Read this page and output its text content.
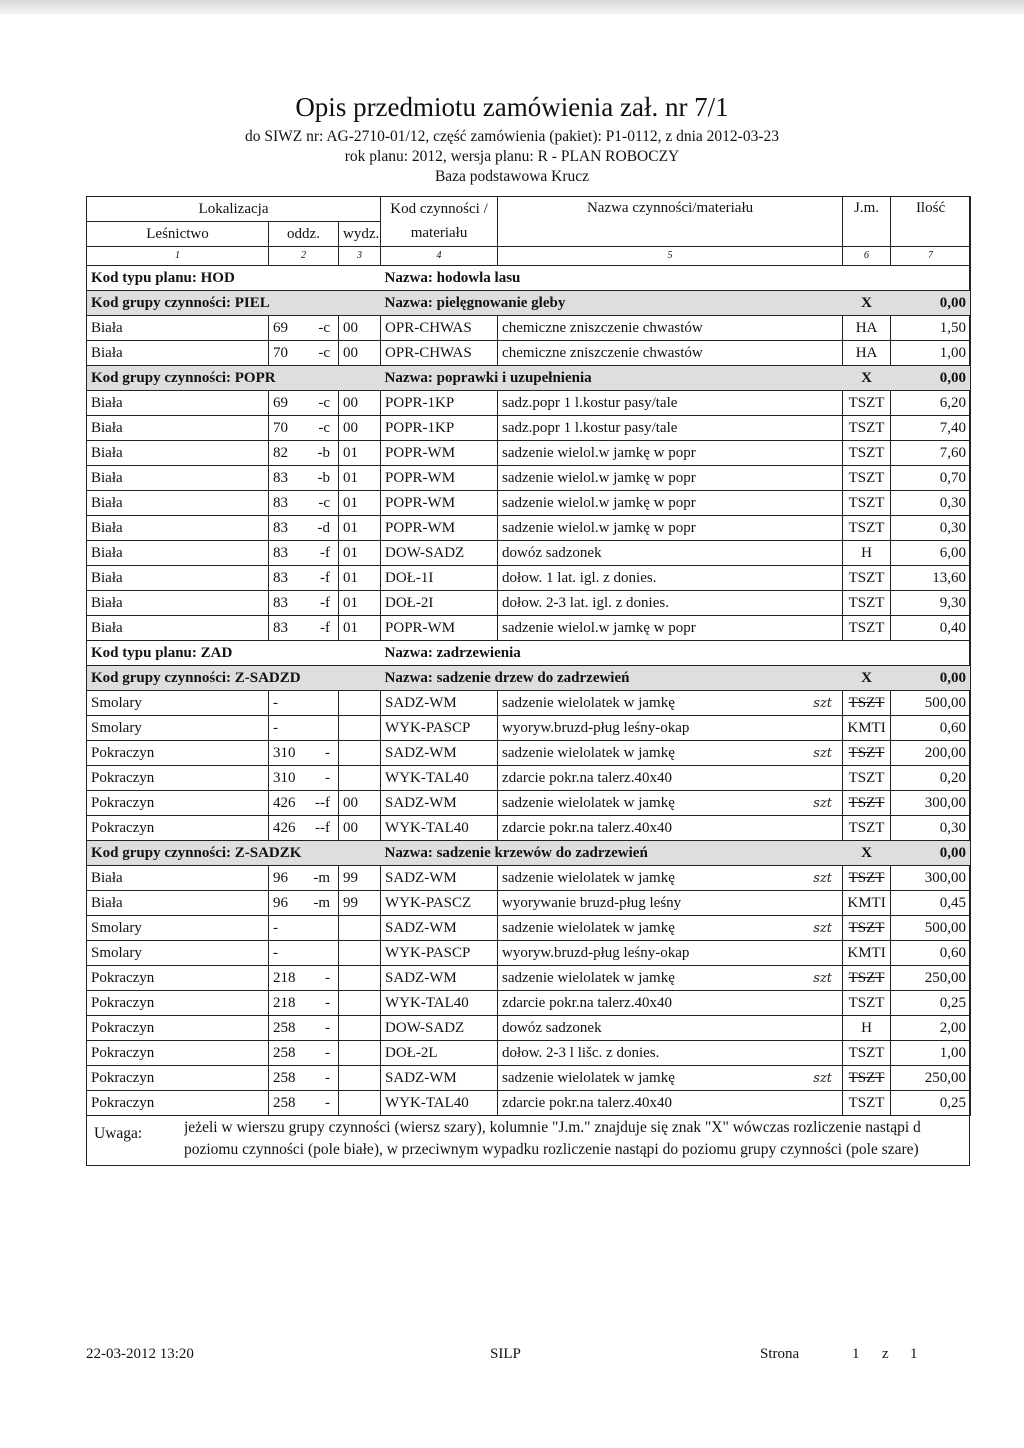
Opis przedmiotu zamówienia zał. nr 7/1
do SIWZ nr: AG-2710-01/12, część zamówienia (pakiet): P1-0112, z dnia 2012-03-23
rok planu: 2012, wersja planu: R - PLAN ROBOCZY
Baza podstawowa Krucz
Lokalizacja			Kod czynności /	Nazwa czynności/materiału	J.m.	Ilość
Leśnictwo	oddz.	wydz.	materiału			
1	2	3	4	5	6	7
Kod typu planu: HOD			Nazwa: hodowla lasu			
Kod grupy czynności: PIEL			Nazwa: pielęgnowanie gleby		X	0,00
Biała	69 -c	00	OPR-CHWAS	chemiczne zniszczenie chwastów	HA	1,50
Biała	70 -c	00	OPR-CHWAS	chemiczne zniszczenie chwastów	HA	1,00
Kod grupy czynności: POPR			Nazwa: poprawki i uzupełnienia		X	0,00
Biała	69 -c	00	POPR-1KP	sadz.popr 1 l.kostur pasy/tale	TSZT	6,20
Biała	70 -c	00	POPR-1KP	sadz.popr 1 l.kostur pasy/tale	TSZT	7,40
Biała	82 -b	01	POPR-WM	sadzenie wielol.w jamkę w popr	TSZT	7,60
Biała	83 -b	01	POPR-WM	sadzenie wielol.w jamkę w popr	TSZT	0,70
Biała	83 -c	01	POPR-WM	sadzenie wielol.w jamkę w popr	TSZT	0,30
Biała	83 -d	01	POPR-WM	sadzenie wielol.w jamkę w popr	TSZT	0,30
Biała	83 -f	01	DOW-SADZ	dowóz sadzonek	H	6,00
Biała	83 -f	01	DOŁ-1I	dołow. 1 lat. igl. z donies.	TSZT	13,60
Biała	83 -f	01	DOŁ-2I	dołow. 2-3 lat. igl. z donies.	TSZT	9,30
Biała	83 -f	01	POPR-WM	sadzenie wielol.w jamkę w popr	TSZT	0,40
Kod typu planu: ZAD			Nazwa: zadrzewienia			
Kod grupy czynności: Z-SADZD			Nazwa: sadzenie drzew do zadrzewień		X	0,00
Smolary	-		SADZ-WM	sadzenie wielolatek w jamkę szt	TSZT	500,00
Smolary	-		WYK-PASCP	wyoryw.bruzd-pług leśny-okap	KMTI	0,60
Pokraczyn	310 -		SADZ-WM	sadzenie wielolatek w jamkę szt	TSZT	200,00
Pokraczyn	310 -		WYK-TAL40	zdarcie pokr.na talerz.40x40	TSZT	0,20
Pokraczyn	426 --f	00	SADZ-WM	sadzenie wielolatek w jamkę szt	TSZT	300,00
Pokraczyn	426 --f	00	WYK-TAL40	zdarcie pokr.na talerz.40x40	TSZT	0,30
Kod grupy czynności: Z-SADZK			Nazwa: sadzenie krzewów do zadrzewień		X	0,00
Biała	96 -m	99	SADZ-WM	sadzenie wielolatek w jamkę szt	TSZT	300,00
Biała	96 -m	99	WYK-PASCZ	wyorywanie bruzd-pług leśny	KMTI	0,45
Smolary	-		SADZ-WM	sadzenie wielolatek w jamkę szt	TSZT	500,00
Smolary	-		WYK-PASCP	wyoryw.bruzd-pług leśny-okap	KMTI	0,60
Pokraczyn	218 -		SADZ-WM	sadzenie wielolatek w jamkę szt	TSZT	250,00
Pokraczyn	218 -		WYK-TAL40	zdarcie pokr.na talerz.40x40	TSZT	0,25
Pokraczyn	258 -		DOW-SADZ	dowóz sadzonek	H	2,00
Pokraczyn	258 -		DOŁ-2L	dołow. 2-3 l lišc. z donies.	TSZT	1,00
Pokraczyn	258 -		SADZ-WM	sadzenie wielolatek w jamkę szt	TSZT	250,00
Pokraczyn	258 -		WYK-TAL40	zdarcie pokr.na talerz.40x40	TSZT	0,25
Uwaga:	jeżeli w wierszu grupy czynności (wiersz szary), kolumnie "J.m." znajduje się znak "X" wówczas rozliczenie nastąpi d
poziomu czynności (pole białe), w przeciwnym wypadku rozliczenie nastąpi do poziomu grupy czynności (pole szare)
22-03-2012 13:20	SILP	Strona	1 z 1
